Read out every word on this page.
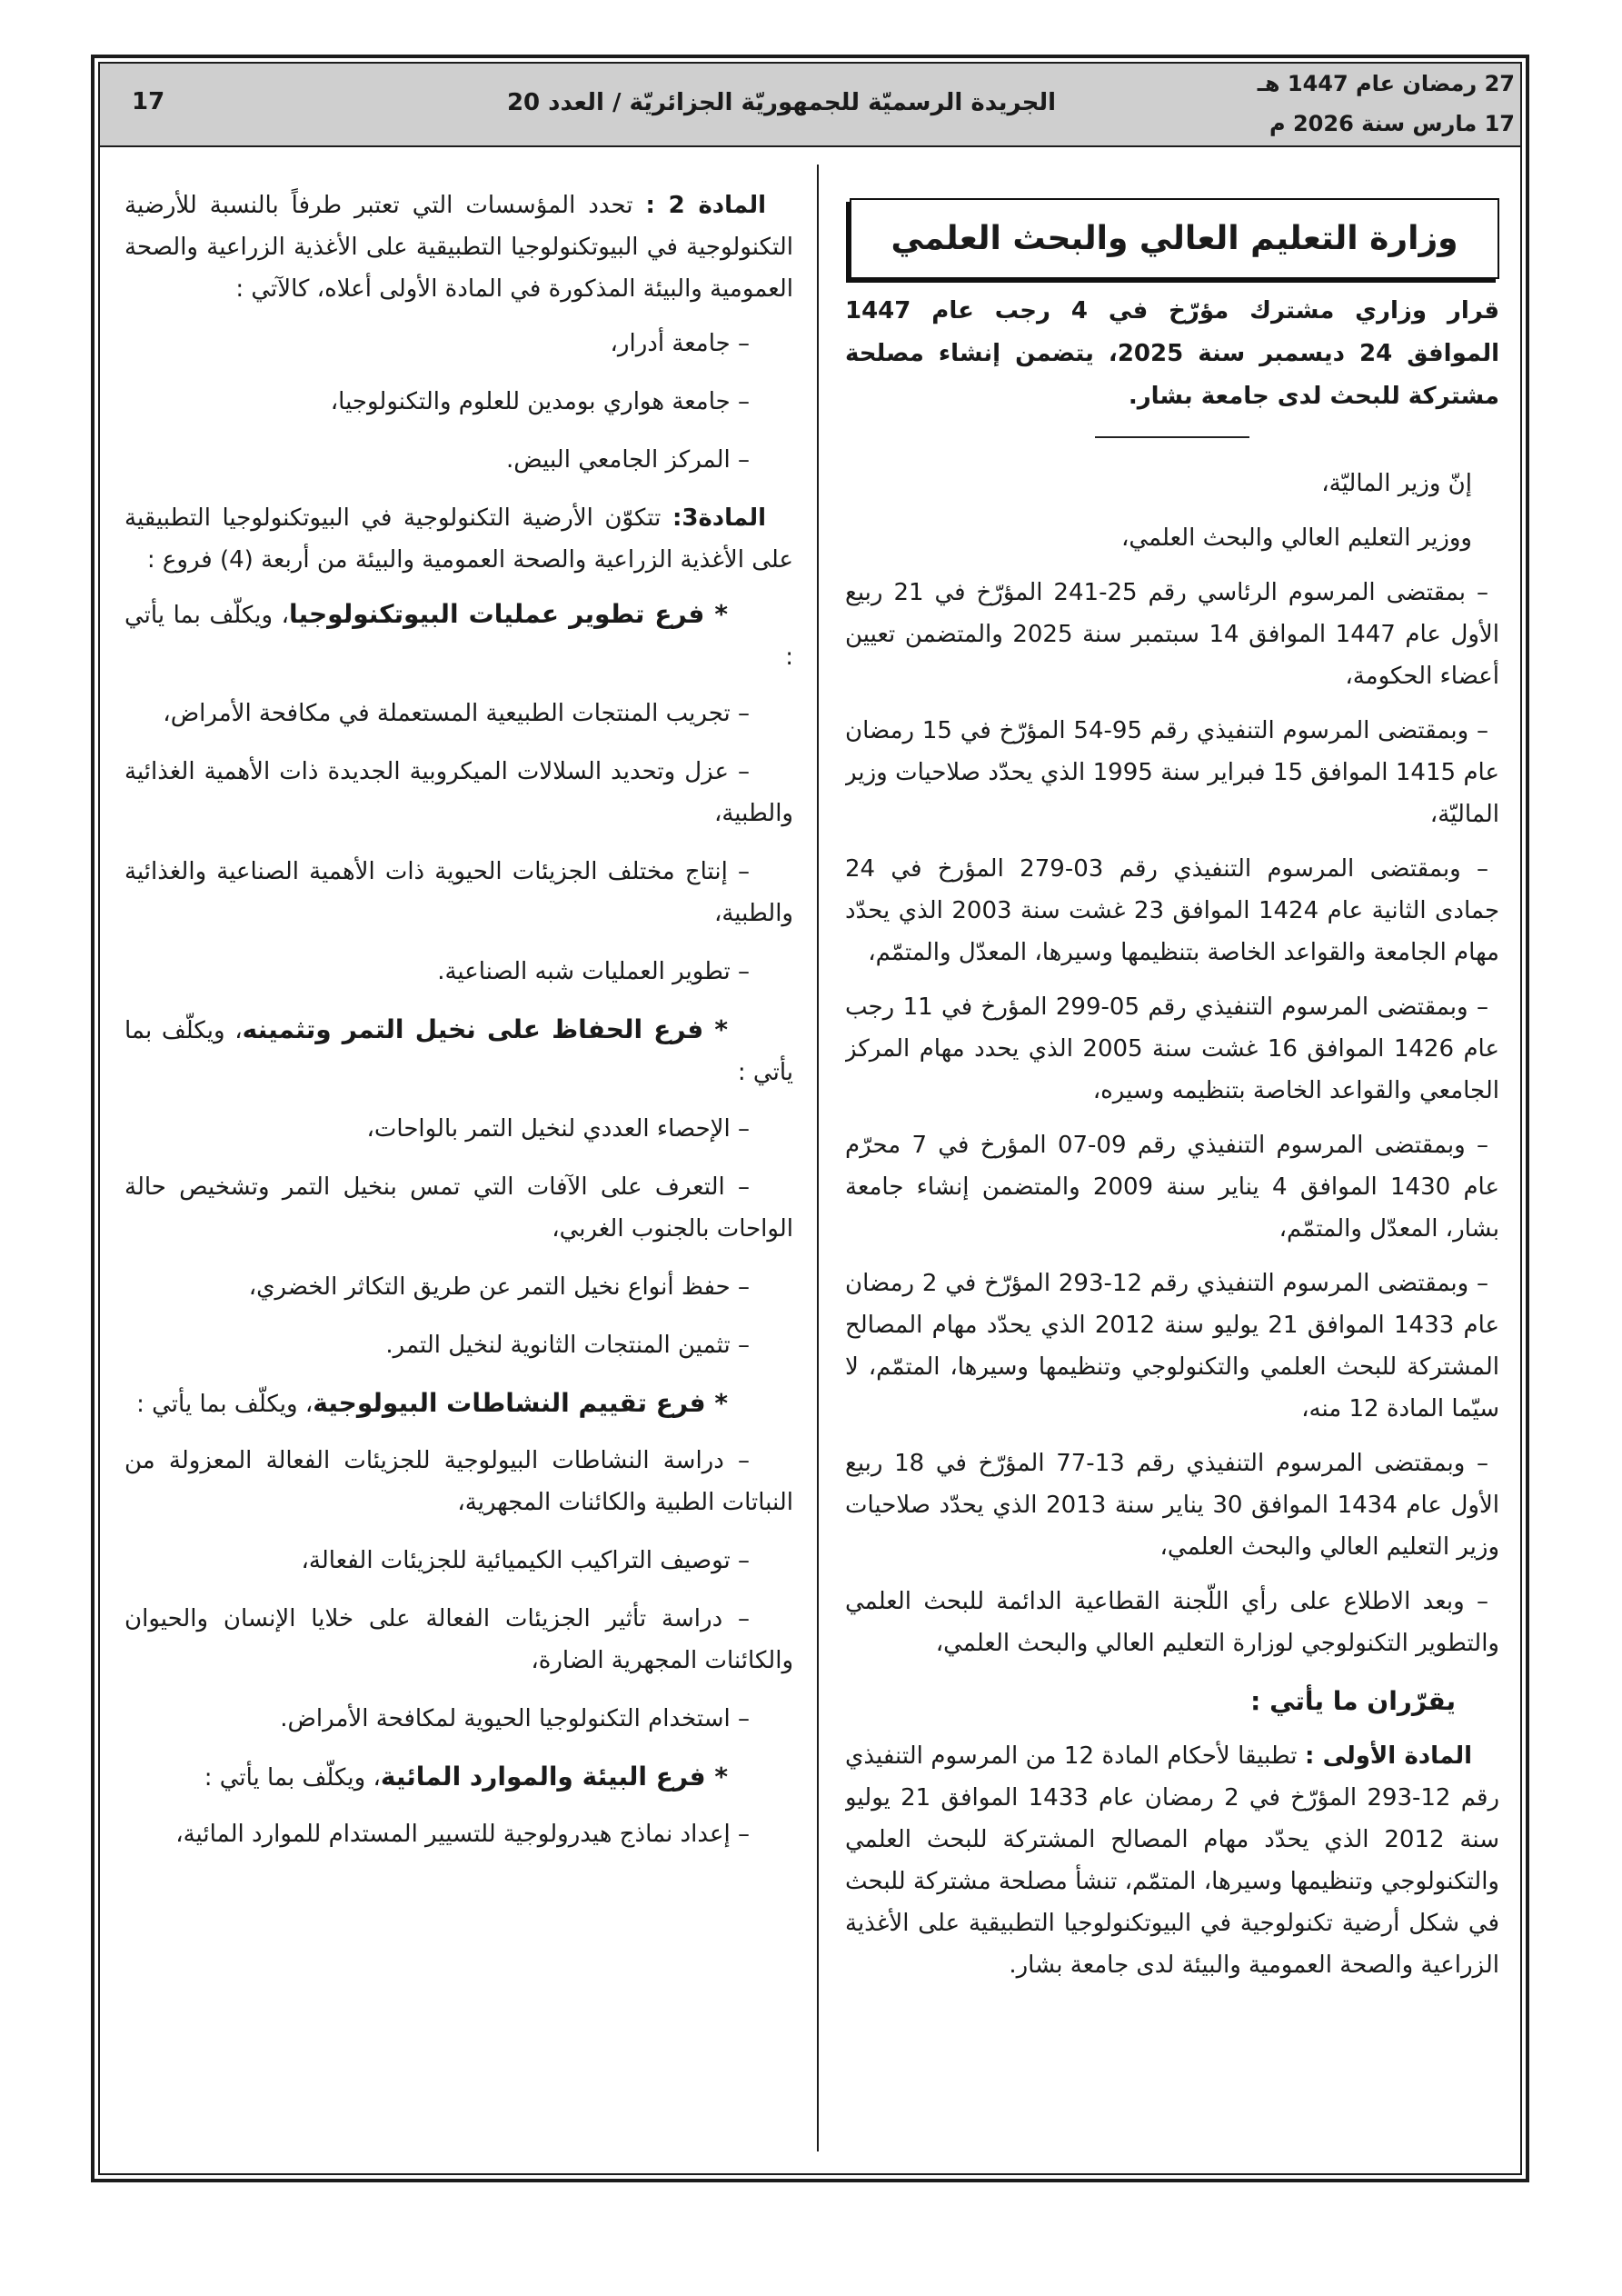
27 رمضان عام 1447 هـ
17 مارس سنة 2026 م
الجريدة الرسميّة للجمهوريّة الجزائريّة / العدد 20
17
وزارة التعليم العالي والبحث العلمي

قرار وزاري مشترك مؤرّخ في 4 رجب عام 1447 الموافق 24 ديسمبر سنة 2025، يتضمن إنشاء مصلحة مشتركة للبحث لدى جامعة بشار.

إنّ وزير الماليّة،

ووزير التعليم العالي والبحث العلمي،

– بمقتضى المرسوم الرئاسي رقم 25-241 المؤرّخ في 21 ربيع الأول عام 1447 الموافق 14 سبتمبر سنة 2025 والمتضمن تعيين أعضاء الحكومة،

– وبمقتضى المرسوم التنفيذي رقم 95-54 المؤرّخ في 15 رمضان عام 1415 الموافق 15 فبراير سنة 1995 الذي يحدّد صلاحيات وزير الماليّة،

– وبمقتضى المرسوم التنفيذي رقم 03-279 المؤرخ في 24 جمادى الثانية عام 1424 الموافق 23 غشت سنة 2003 الذي يحدّد مهام الجامعة والقواعد الخاصة بتنظيمها وسيرها، المعدّل والمتمّم،

– وبمقتضى المرسوم التنفيذي رقم 05-299 المؤرخ في 11 رجب عام 1426 الموافق 16 غشت سنة 2005 الذي يحدد مهام المركز الجامعي والقواعد الخاصة بتنظيمه وسيره،

– وبمقتضى المرسوم التنفيذي رقم 09-07 المؤرخ في 7 محرّم عام 1430 الموافق 4 يناير سنة 2009 والمتضمن إنشاء جامعة بشار، المعدّل والمتمّم،

– وبمقتضى المرسوم التنفيذي رقم 12-293 المؤرّخ في 2 رمضان عام 1433 الموافق 21 يوليو سنة 2012 الذي يحدّد مهام المصالح المشتركة للبحث العلمي والتكنولوجي وتنظيمها وسيرها، المتمّم، لا سيّما المادة 12 منه،

– وبمقتضى المرسوم التنفيذي رقم 13-77 المؤرّخ في 18 ربيع الأول عام 1434 الموافق 30 يناير سنة 2013 الذي يحدّد صلاحيات وزير التعليم العالي والبحث العلمي،

– وبعد الاطلاع على رأي اللّجنة القطاعية الدائمة للبحث العلمي والتطوير التكنولوجي لوزارة التعليم العالي والبحث العلمي،

يقرّران ما يأتي :

المادة الأولى : تطبيقا لأحكام المادة 12 من المرسوم التنفيذي رقم 12-293 المؤرّخ في 2 رمضان عام 1433 الموافق 21 يوليو سنة 2012 الذي يحدّد مهام المصالح المشتركة للبحث العلمي والتكنولوجي وتنظيمها وسيرها، المتمّم، تنشأ مصلحة مشتركة للبحث في شكل أرضية تكنولوجية في البيوتكنولوجيا التطبيقية على الأغذية الزراعية والصحة العمومية والبيئة لدى جامعة بشار.

المادة 2 : تحدد المؤسسات التي تعتبر طرفاً بالنسبة للأرضية التكنولوجية في البيوتكنولوجيا التطبيقية على الأغذية الزراعية والصحة العمومية والبيئة المذكورة في المادة الأولى أعلاه، كالآتي :

– جامعة أدرار،

– جامعة هواري بومدين للعلوم والتكنولوجيا،

– المركز الجامعي البيض.

المادة3: تتكوّن الأرضية التكنولوجية في البيوتكنولوجيا التطبيقية على الأغذية الزراعية والصحة العمومية والبيئة من أربعة (4) فروع :

* فرع تطوير عمليات البيوتكنولوجيا، ويكلّف بما يأتي :

– تجريب المنتجات الطبيعية المستعملة في مكافحة الأمراض،

– عزل وتحديد السلالات الميكروبية الجديدة ذات الأهمية الغذائية والطبية،

– إنتاج مختلف الجزيئات الحيوية ذات الأهمية الصناعية والغذائية والطبية،

– تطوير العمليات شبه الصناعية.

* فرع الحفاظ على نخيل التمر وتثمينه، ويكلّف بما يأتي :

– الإحصاء العددي لنخيل التمر بالواحات،

– التعرف على الآفات التي تمس بنخيل التمر وتشخيص حالة الواحات بالجنوب الغربي،

– حفظ أنواع نخيل التمر عن طريق التكاثر الخضري،

– تثمين المنتجات الثانوية لنخيل التمر.

* فرع تقييم النشاطات البيولوجية، ويكلّف بما يأتي :

– دراسة النشاطات البيولوجية للجزيئات الفعالة المعزولة من النباتات الطبية والكائنات المجهرية،

– توصيف التراكيب الكيميائية للجزيئات الفعالة،

– دراسة تأثير الجزيئات الفعالة على خلايا الإنسان والحيوان والكائنات المجهرية الضارة،

– استخدام التكنولوجيا الحيوية لمكافحة الأمراض.

* فرع البيئة والموارد المائية، ويكلّف بما يأتي :

– إعداد نماذج هيدرولوجية للتسيير المستدام للموارد المائية،
